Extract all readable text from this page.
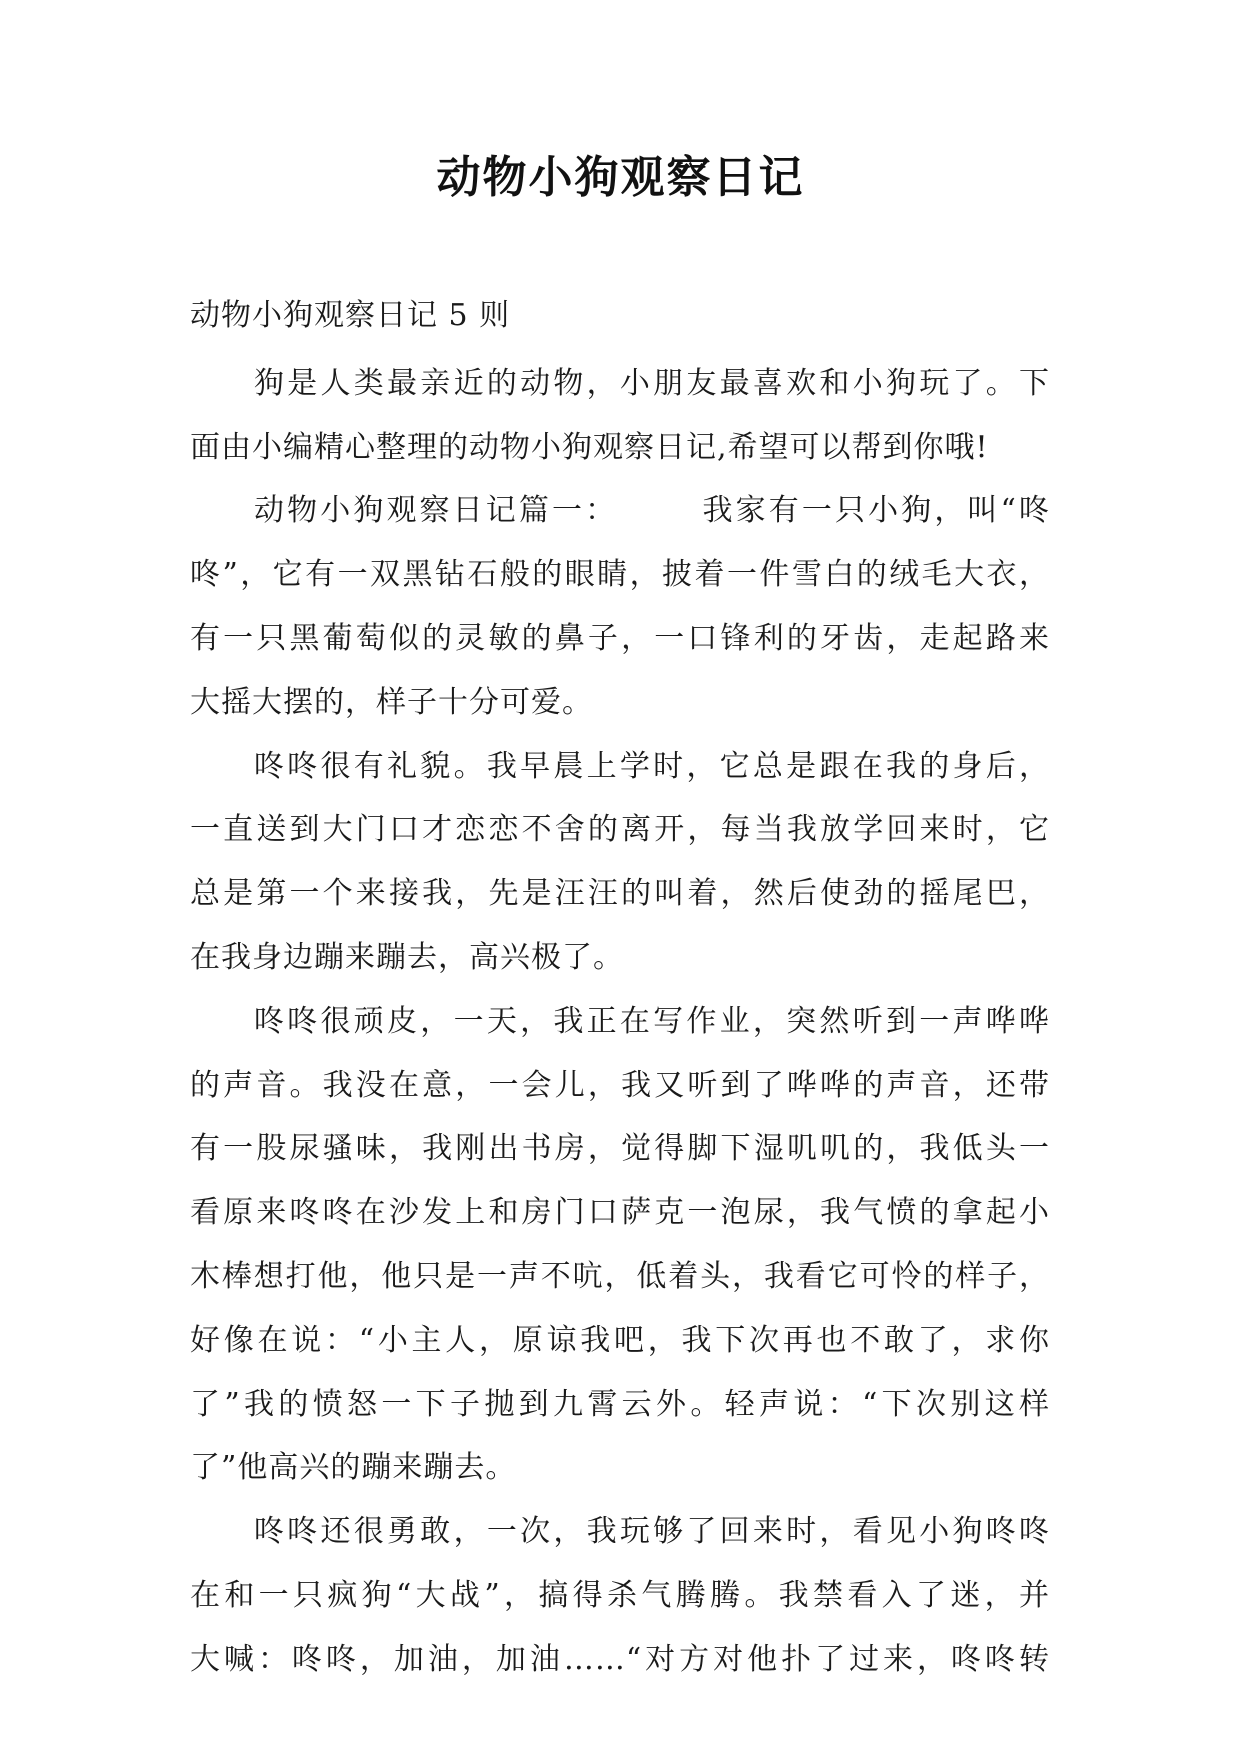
动物小狗观察日记
动物小狗观察日记 5 则
狗是人类最亲近的动物，小朋友最喜欢和小狗玩了。下
面由小编精心整理的动物小狗观察日记,希望可以帮到你哦!
动物小狗观察日记篇一：　　　我家有一只小狗，叫“咚
咚”，它有一双黑钻石般的眼睛，披着一件雪白的绒毛大衣，
有一只黑葡萄似的灵敏的鼻子，一口锋利的牙齿，走起路来
大摇大摆的，样子十分可爱。
咚咚很有礼貌。我早晨上学时，它总是跟在我的身后，
一直送到大门口才恋恋不舍的离开，每当我放学回来时，它
总是第一个来接我，先是汪汪的叫着，然后使劲的摇尾巴，
在我身边蹦来蹦去，高兴极了。
咚咚很顽皮，一天，我正在写作业，突然听到一声哗哗
的声音。我没在意，一会儿，我又听到了哗哗的声音，还带
有一股尿骚味，我刚出书房，觉得脚下湿叽叽的，我低头一
看原来咚咚在沙发上和房门口萨克一泡尿，我气愤的拿起小
木棒想打他，他只是一声不吭，低着头，我看它可怜的样子，
好像在说：“小主人，原谅我吧，我下次再也不敢了，求你
了”我的愤怒一下子抛到九霄云外。轻声说：“下次别这样
了”他高兴的蹦来蹦去。
咚咚还很勇敢，一次，我玩够了回来时，看见小狗咚咚
在和一只疯狗“大战”，搞得杀气腾腾。我禁看入了迷，并
大喊：咚咚，加油，加油……“对方对他扑了过来，咚咚转
